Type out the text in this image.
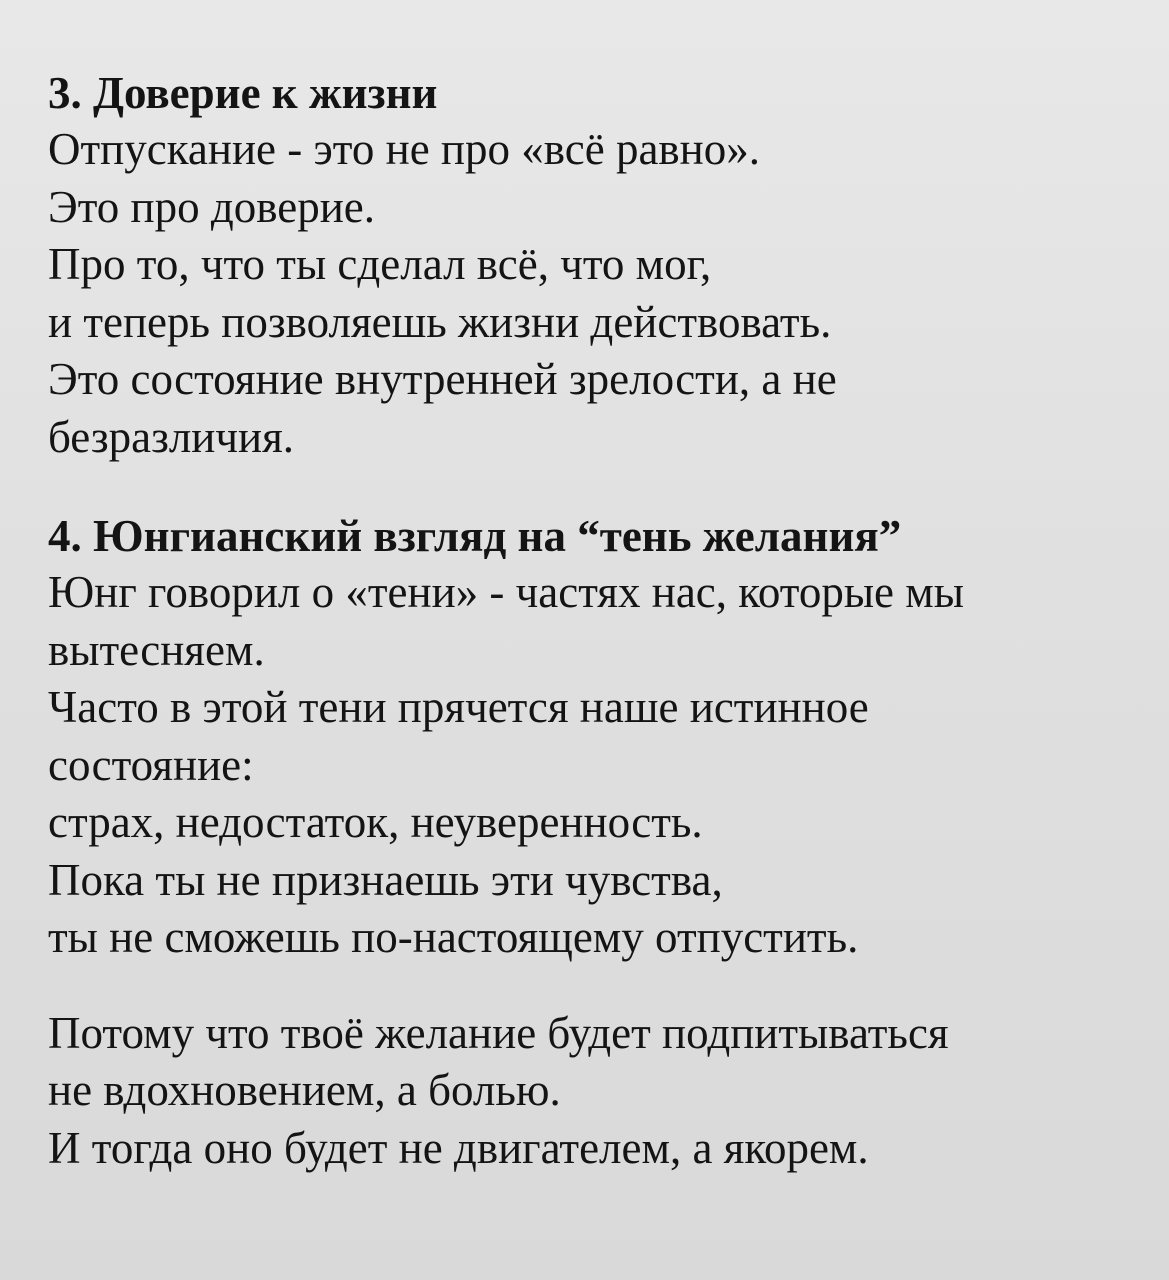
3. Доверие к жизни

Отпускание - это не про «всё равно».

Это про доверие.

Про то, что ты сделал всё, что мог,

и теперь позволяешь жизни действовать.

Это состояние внутренней зрелости, а не

безразличия.

4. Юнгианский взгляд на “тень желания”

Юнг говорил о «тени» - частях нас, которые мы

вытесняем.

Часто в этой тени прячется наше истинное

состояние:

страх, недостаток, неуверенность.

Пока ты не признаешь эти чувства,

ты не сможешь по-настоящему отпустить.

Потому что твоё желание будет подпитываться

не вдохновением, а болью.

И тогда оно будет не двигателем, а якорем.
